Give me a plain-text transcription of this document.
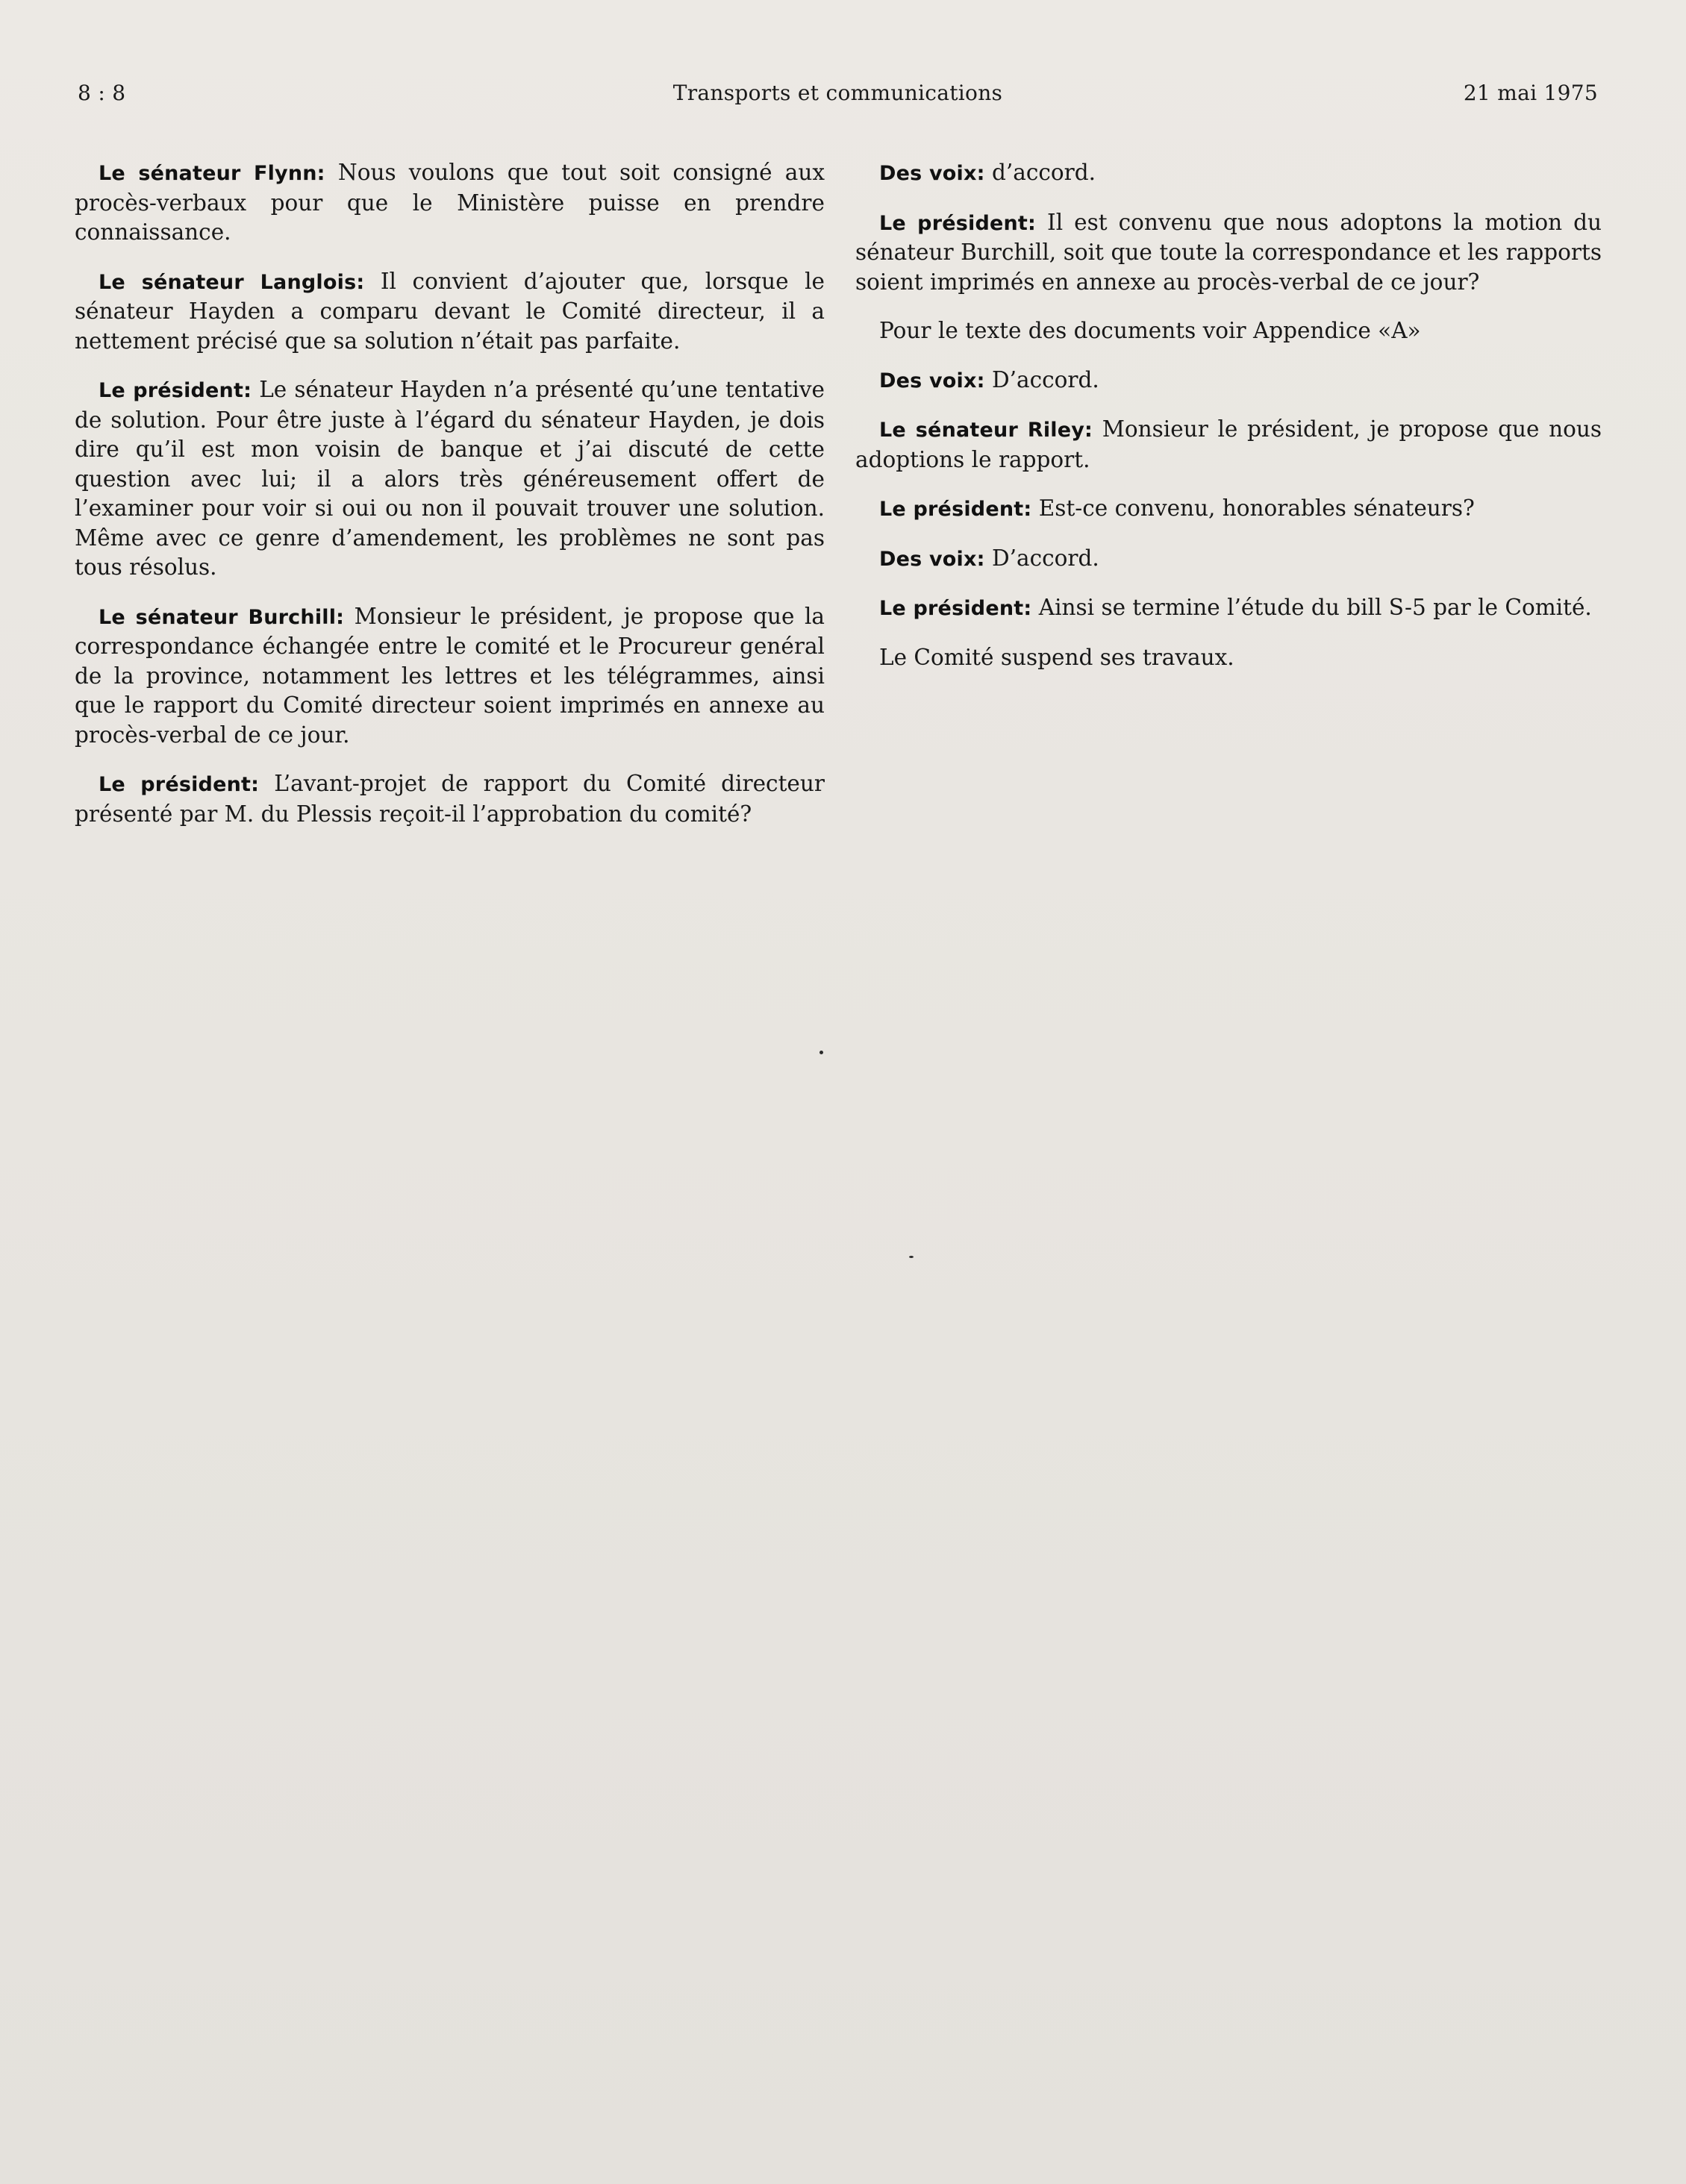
8 : 8	Transports et communications	21 mai 1975

Le sénateur Flynn: Nous voulons que tout soit consigné aux procès-verbaux pour que le Ministère puisse en prendre connaissance.

Le sénateur Langlois: Il convient d’ajouter que, lorsque le sénateur Hayden a comparu devant le Comité directeur, il a nettement précisé que sa solution n’était pas parfaite.

Le président: Le sénateur Hayden n’a présenté qu’une tentative de solution. Pour être juste à l’égard du sénateur Hayden, je dois dire qu’il est mon voisin de banque et j’ai discuté de cette question avec lui; il a alors très généreusement offert de l’examiner pour voir si oui ou non il pouvait trouver une solution. Même avec ce genre d’amendement, les problèmes ne sont pas tous résolus.

Le sénateur Burchill: Monsieur le président, je propose que la correspondance échangée entre le comité et le Procureur genéral de la province, notamment les lettres et les télégrammes, ainsi que le rapport du Comité directeur soient imprimés en annexe au procès-verbal de ce jour.

Le président: L’avant-projet de rapport du Comité directeur présenté par M. du Plessis reçoit-il l’approbation du comité?

Des voix: d’accord.

Le président: Il est convenu que nous adoptons la motion du sénateur Burchill, soit que toute la correspondance et les rapports soient imprimés en annexe au procès-verbal de ce jour?

Pour le texte des documents voir Appendice «A»

Des voix: D’accord.

Le sénateur Riley: Monsieur le président, je propose que nous adoptions le rapport.

Le président: Est-ce convenu, honorables sénateurs?

Des voix: D’accord.

Le président: Ainsi se termine l’étude du bill S-5 par le Comité.

Le Comité suspend ses travaux.
